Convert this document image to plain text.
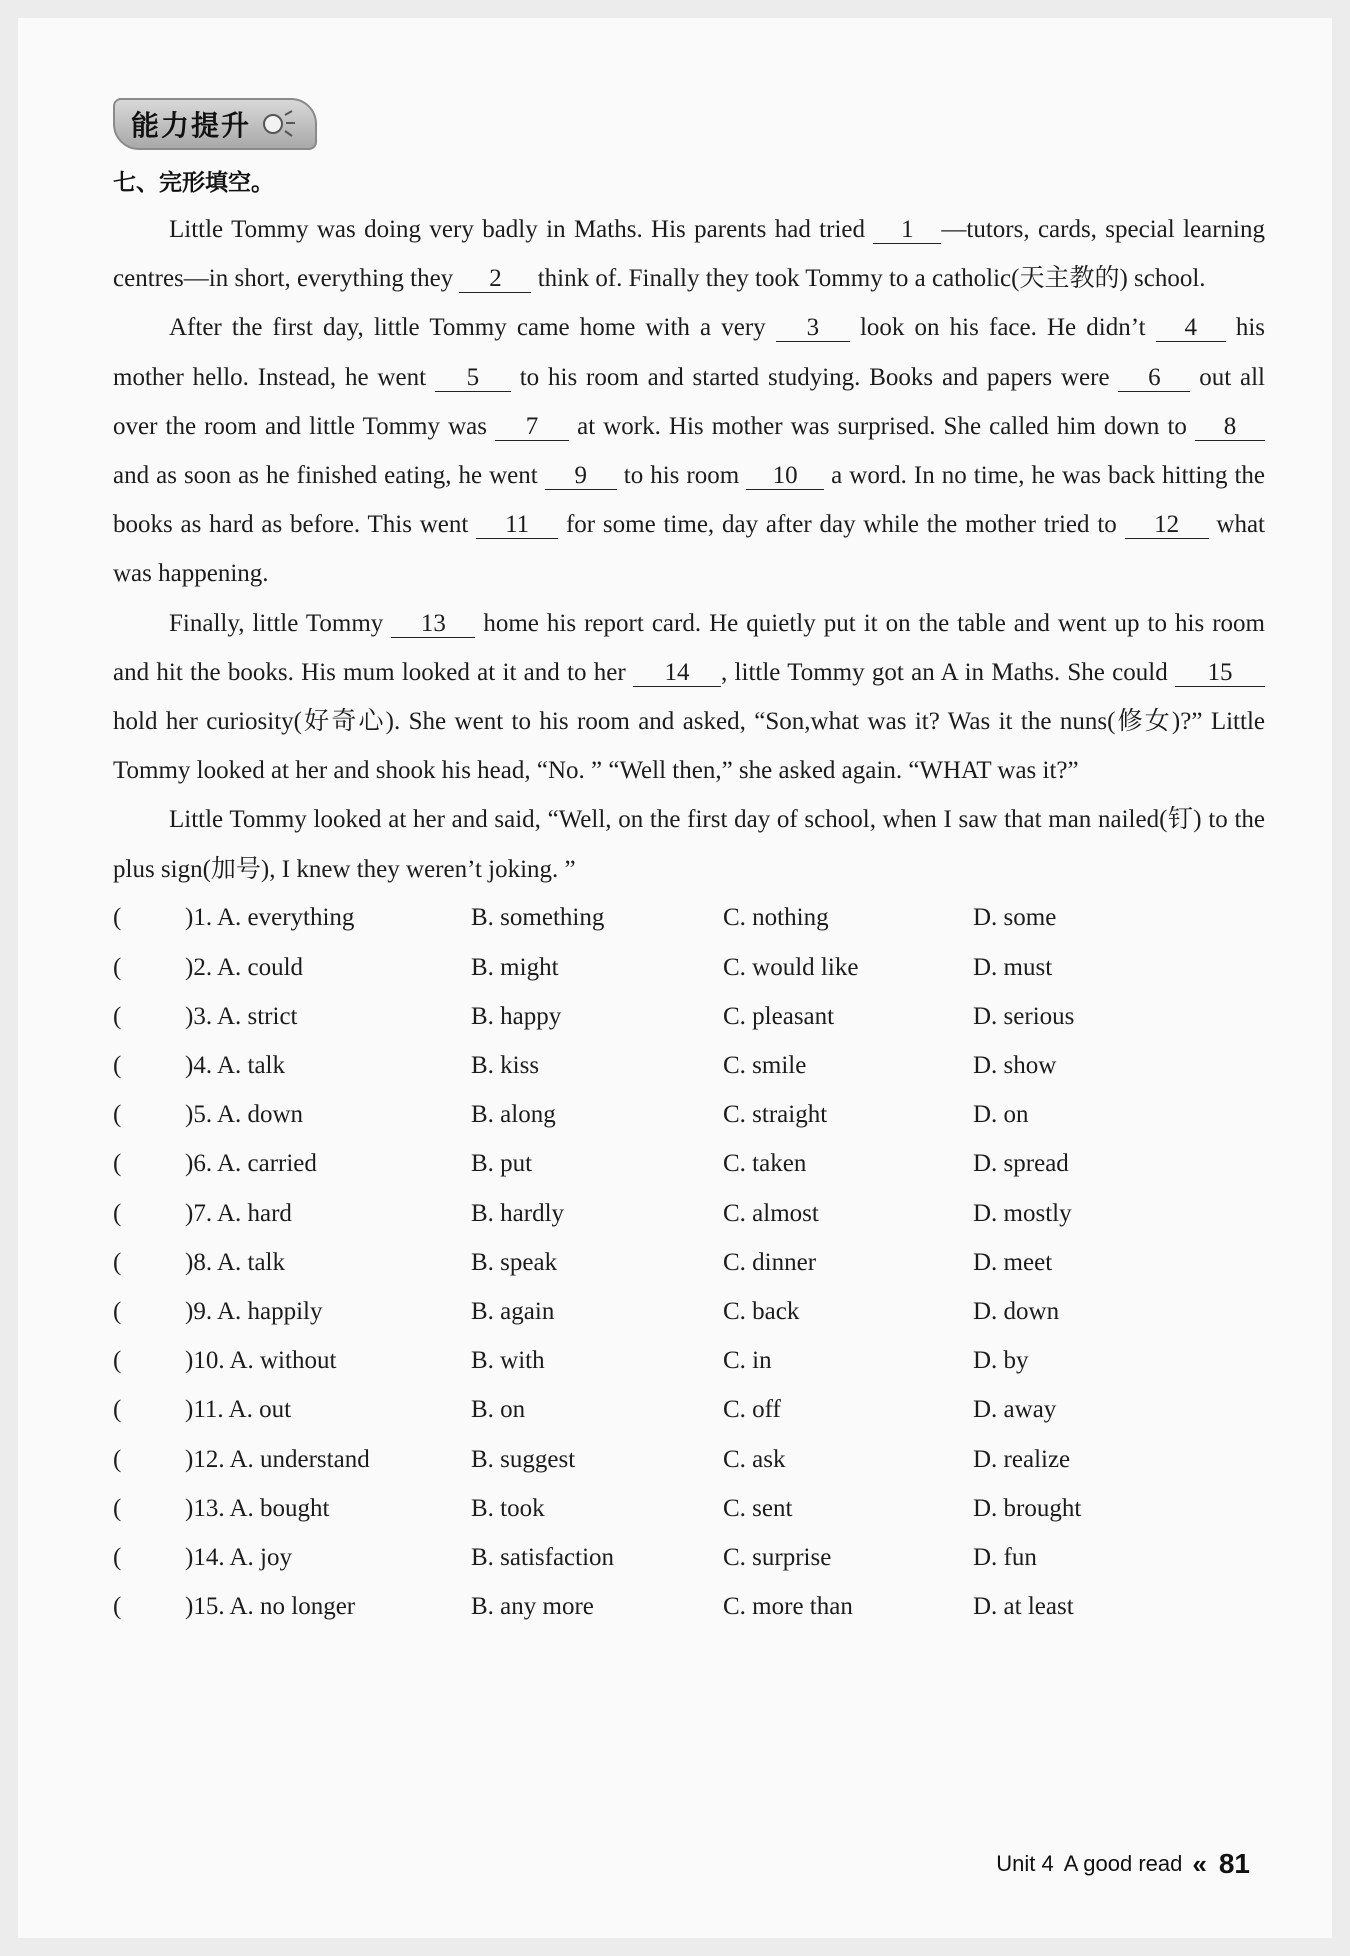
能力提升
七、完形填空。
Little Tommy was doing very badly in Maths. His parents had tried 1 —tutors, cards, special learning centres—in short, everything they 2 think of. Finally they took Tommy to a catholic(天主教的) school.
After the first day, little Tommy came home with a very 3 look on his face. He didn’t 4 his mother hello. Instead, he went 5 to his room and started studying. Books and papers were 6 out all over the room and little Tommy was 7 at work. His mother was surprised. She called him down to 8 and as soon as he finished eating, he went 9 to his room 10 a word. In no time, he was back hitting the books as hard as before. This went 11 for some time, day after day while the mother tried to 12 what was happening.
Finally, little Tommy 13 home his report card. He quietly put it on the table and went up to his room and hit the books. His mum looked at it and to her 14 , little Tommy got an A in Maths. She could 15 hold her curiosity(好奇心). She went to his room and asked, “Son,what was it? Was it the nuns(修女)?” Little Tommy looked at her and shook his head, “No. ” “Well then,” she asked again. “WHAT was it?”
Little Tommy looked at her and said, “Well, on the first day of school, when I saw that man nailed(钉) to the plus sign(加号), I knew they weren’t joking. ”
(	)1. A. everything	B. something	C. nothing	D. some
(	)2. A. could	B. might	C. would like	D. must
(	)3. A. strict	B. happy	C. pleasant	D. serious
(	)4. A. talk	B. kiss	C. smile	D. show
(	)5. A. down	B. along	C. straight	D. on
(	)6. A. carried	B. put	C. taken	D. spread
(	)7. A. hard	B. hardly	C. almost	D. mostly
(	)8. A. talk	B. speak	C. dinner	D. meet
(	)9. A. happily	B. again	C. back	D. down
(	)10. A. without	B. with	C. in	D. by
(	)11. A. out	B. on	C. off	D. away
(	)12. A. understand	B. suggest	C. ask	D. realize
(	)13. A. bought	B. took	C. sent	D. brought
(	)14. A. joy	B. satisfaction	C. surprise	D. fun
(	)15. A. no longer	B. any more	C. more than	D. at least
Unit 4 A good read « 81
